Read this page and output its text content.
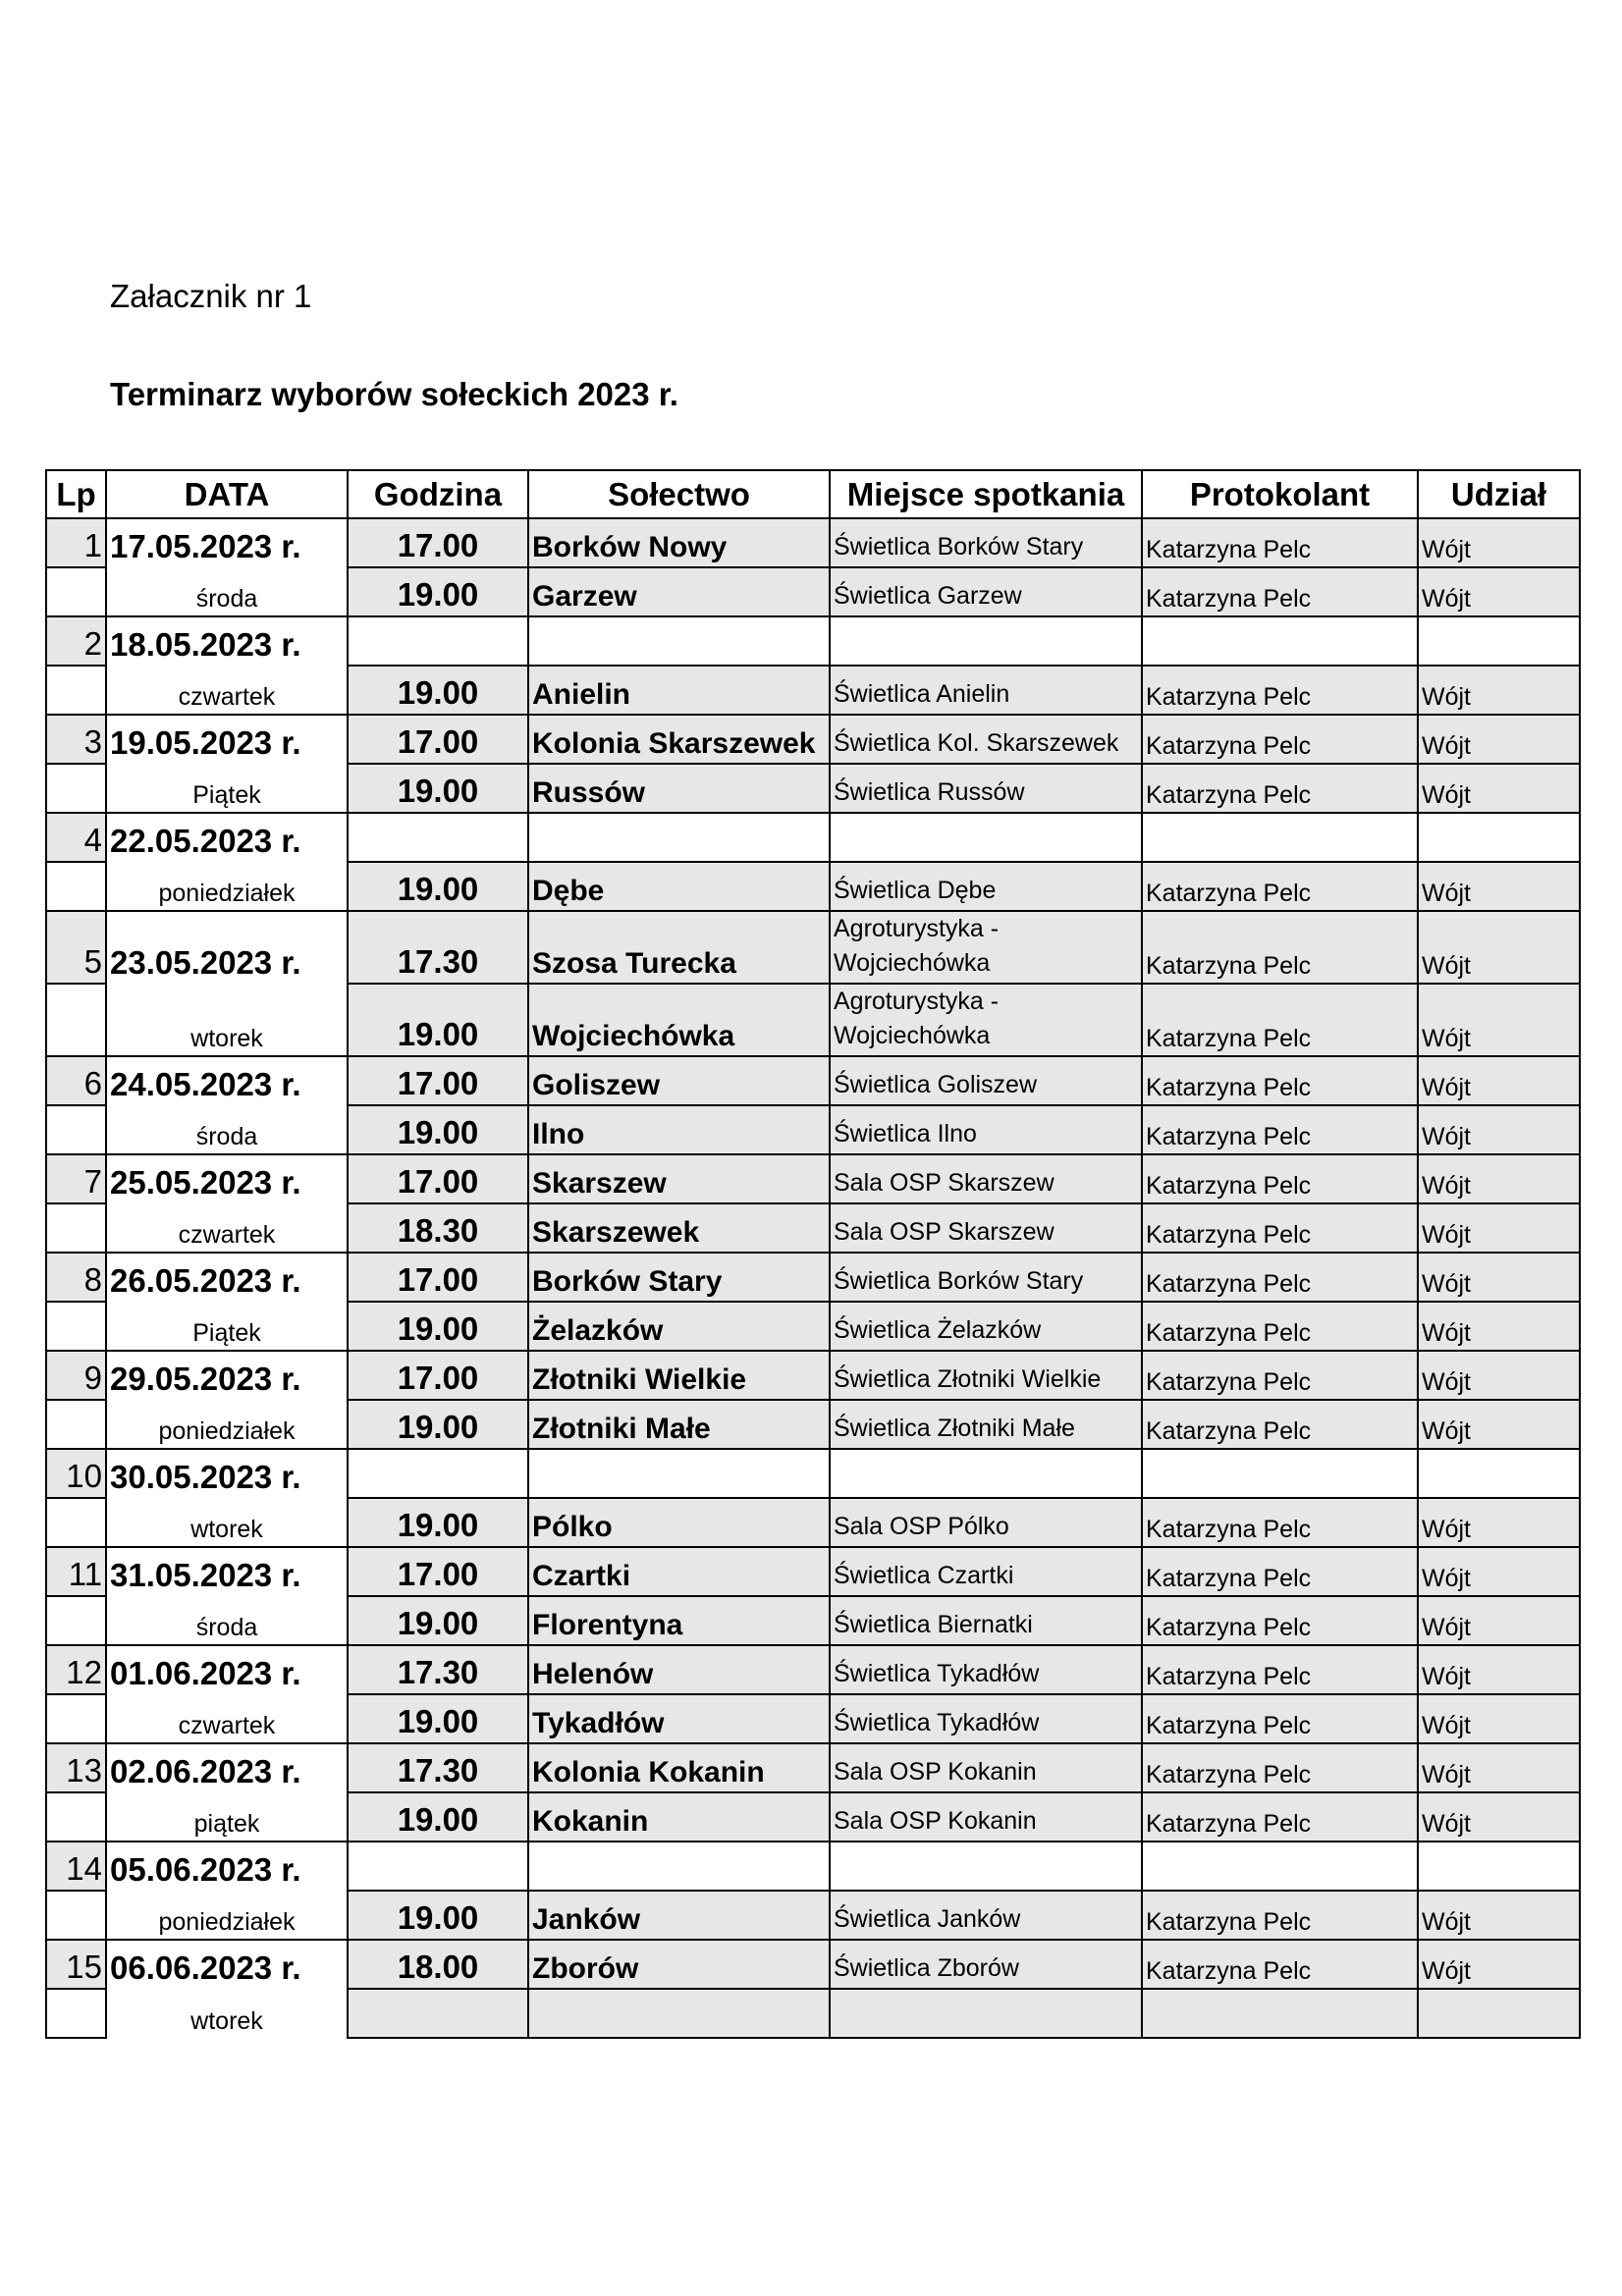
Załacznik nr 1
Terminarz wyborów sołeckich 2023 r.
Lp	DATA	Godzina	Sołectwo	Miejsce spotkania	Protokolant	Udział
1	17.05.2023 r.	17.00	Borków Nowy	Świetlica Borków Stary	Katarzyna Pelc	Wójt
	środa	19.00	Garzew	Świetlica Garzew	Katarzyna Pelc	Wójt
2	18.05.2023 r.					
	czwartek	19.00	Anielin	Świetlica Anielin	Katarzyna Pelc	Wójt
3	19.05.2023 r.	17.00	Kolonia Skarszewek	Świetlica Kol. Skarszewek	Katarzyna Pelc	Wójt
	Piątek	19.00	Russów	Świetlica Russów	Katarzyna Pelc	Wójt
4	22.05.2023 r.					
	poniedziałek	19.00	Dębe	Świetlica Dębe	Katarzyna Pelc	Wójt
5	23.05.2023 r.	17.30	Szosa Turecka	Agroturystyka - Wojciechówka	Katarzyna Pelc	Wójt
	wtorek	19.00	Wojciechówka	Agroturystyka - Wojciechówka	Katarzyna Pelc	Wójt
6	24.05.2023 r.	17.00	Goliszew	Świetlica Goliszew	Katarzyna Pelc	Wójt
	środa	19.00	Ilno	Świetlica Ilno	Katarzyna Pelc	Wójt
7	25.05.2023 r.	17.00	Skarszew	Sala OSP Skarszew	Katarzyna Pelc	Wójt
	czwartek	18.30	Skarszewek	Sala OSP Skarszew	Katarzyna Pelc	Wójt
8	26.05.2023 r.	17.00	Borków Stary	Świetlica Borków Stary	Katarzyna Pelc	Wójt
	Piątek	19.00	Żelazków	Świetlica Żelazków	Katarzyna Pelc	Wójt
9	29.05.2023 r.	17.00	Złotniki Wielkie	Świetlica Złotniki Wielkie	Katarzyna Pelc	Wójt
	poniedziałek	19.00	Złotniki Małe	Świetlica Złotniki Małe	Katarzyna Pelc	Wójt
10	30.05.2023 r.					
	wtorek	19.00	Pólko	Sala OSP Pólko	Katarzyna Pelc	Wójt
11	31.05.2023 r.	17.00	Czartki	Świetlica Czartki	Katarzyna Pelc	Wójt
	środa	19.00	Florentyna	Świetlica Biernatki	Katarzyna Pelc	Wójt
12	01.06.2023 r.	17.30	Helenów	Świetlica Tykadłów	Katarzyna Pelc	Wójt
	czwartek	19.00	Tykadłów	Świetlica Tykadłów	Katarzyna Pelc	Wójt
13	02.06.2023 r.	17.30	Kolonia Kokanin	Sala OSP Kokanin	Katarzyna Pelc	Wójt
	piątek	19.00	Kokanin	Sala OSP Kokanin	Katarzyna Pelc	Wójt
14	05.06.2023 r.					
	poniedziałek	19.00	Janków	Świetlica Janków	Katarzyna Pelc	Wójt
15	06.06.2023 r.	18.00	Zborów	Świetlica Zborów	Katarzyna Pelc	Wójt
	wtorek					
